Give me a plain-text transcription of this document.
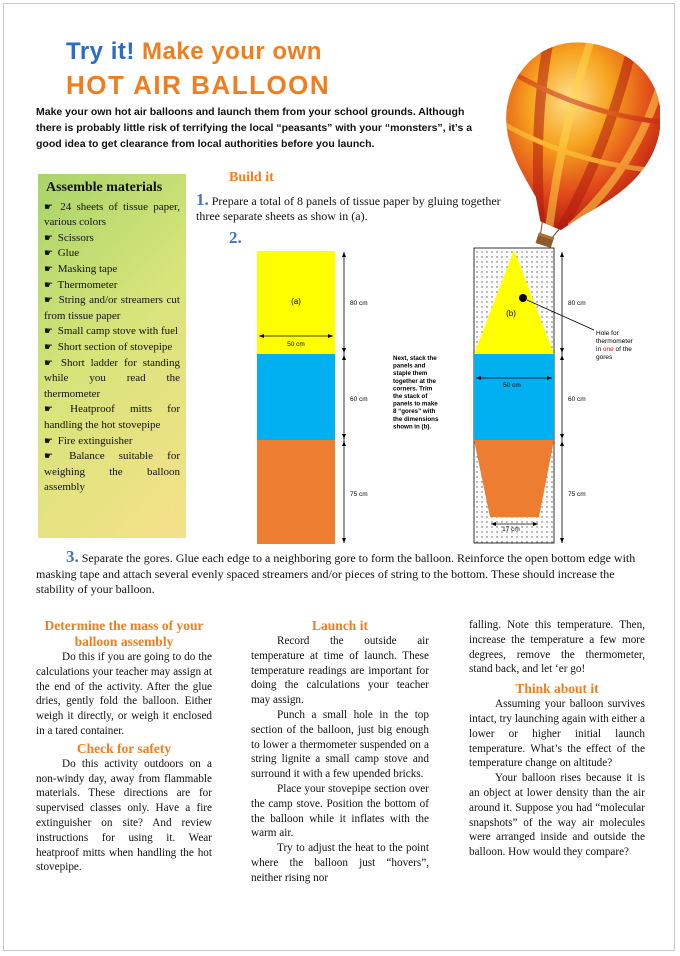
Try it! Make your own
HOT AIR BALLOON
Make your own hot air balloons and launch them from your school grounds. Although there is probably little risk of terrifying the local “peasants” with your “monsters”, it’s a good idea to get clearance from local authorities before you launch.
Assemble materials
☛ 24 sheets of tissue paper, various colors
☛ Scissors
☛ Glue
☛ Masking tape
☛ Thermometer
☛ String and/or streamers cut from tissue paper
☛ Small camp stove with fuel
☛ Short section of stovepipe
☛ Short ladder for standing while you read the thermometer
☛ Heatproof mitts for handling the hot stovepipe
☛ Fire extinguisher
☛ Balance suitable for weighing the balloon assembly
Build it
1. Prepare a total of 8 panels of tissue paper by gluing together three separate sheets as show in (a).
2.
(a)
50 cm
80 cm
60 cm
75 cm
Next, stack the panels and staple them together at the corners. Trim the stack of panels to make 8 “gores” with the dimensions shown in (b).
(b)
50 cm
17 cm
80 cm
60 cm
75 cm
Hole for
thermometer
in one of the
gores
3. Separate the gores. Glue each edge to a neighboring gore to form the balloon. Reinforce the open bottom edge with masking tape and attach several evenly spaced streamers and/or pieces of string to the bottom. These should increase the stability of your balloon.
Determine the mass of your balloon assembly

Do this if you are going to do the calculations your teacher may assign at the end of the activity. After the glue dries, gently fold the balloon. Either weigh it directly, or weigh it enclosed in a tared container.

Check for safety

Do this activity outdoors on a non-windy day, away from flammable materials. These directions are for supervised classes only. Have a fire extinguisher on site? And review instructions for using it. Wear heatproof mitts when handling the hot stovepipe.

Launch it

Record the outside air temperature at time of launch. These temperature readings are important for doing the calculations your teacher may assign.

Punch a small hole in the top section of the balloon, just big enough to lower a thermometer suspended on a string lignite a small camp stove and surround it with a few upended bricks.

Place your stovepipe section over the camp stove. Position the bottom of the balloon while it inflates with the warm air.

Try to adjust the heat to the point where the balloon just “hovers”, neither rising nor

falling. Note this temperature. Then, increase the temperature a few more degrees, remove the thermometer, stand back, and let ‘er go!

Think about it

Assuming your balloon survives intact, try launching again with either a lower or higher initial launch temperature. What’s the effect of the temperature change on altitude?

Your balloon rises because it is an object at lower density than the air around it. Suppose you had “molecular snapshots” of the way air molecules were arranged inside and outside the balloon. How would they compare?
